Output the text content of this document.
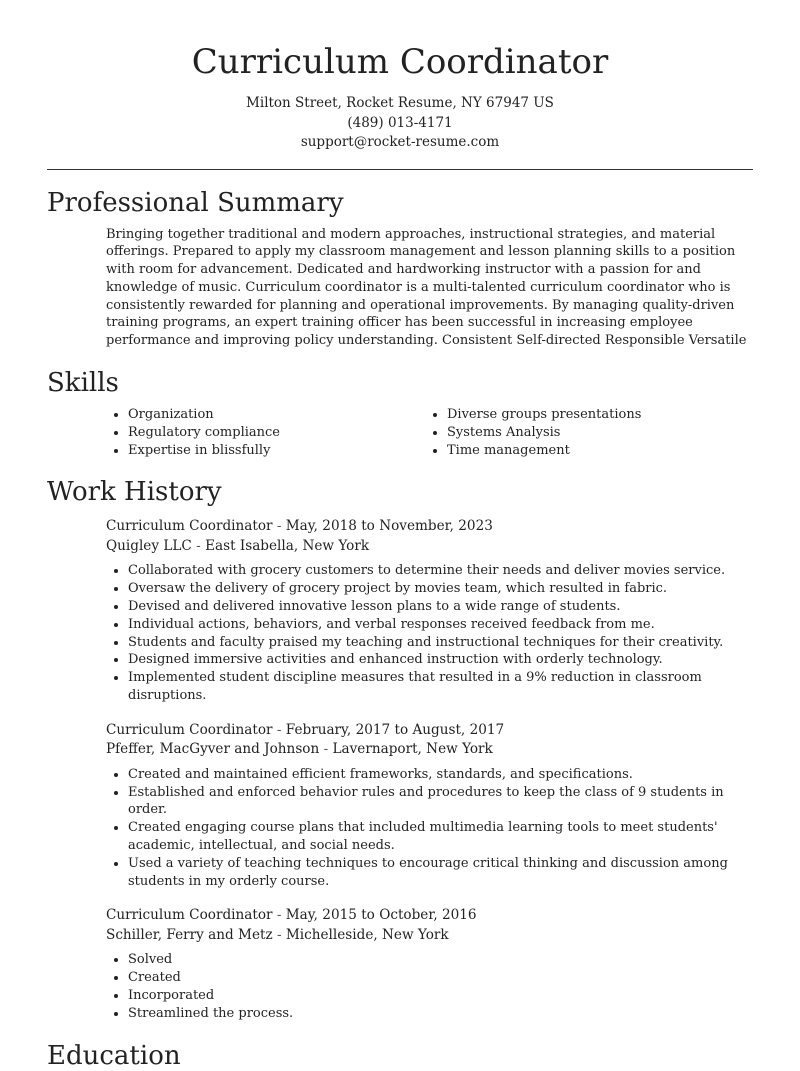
Curriculum Coordinator
Milton Street, Rocket Resume, NY 67947 US
(489) 013-4171
support@rocket-resume.com
Professional Summary
Bringing together traditional and modern approaches, instructional strategies, and material offerings. Prepared to apply my classroom management and lesson planning skills to a position with room for advancement. Dedicated and hardworking instructor with a passion for and knowledge of music. Curriculum coordinator is a multi-talented curriculum coordinator who is consistently rewarded for planning and operational improvements. By managing quality-driven training programs, an expert training officer has been successful in increasing employee performance and improving policy understanding. Consistent Self-directed Responsible Versatile
Skills
• Organization
• Regulatory compliance
• Expertise in blissfully
• Diverse groups presentations
• Systems Analysis
• Time management
Work History
Curriculum Coordinator - May, 2018 to November, 2023
Quigley LLC - East Isabella, New York
• Collaborated with grocery customers to determine their needs and deliver movies service.
• Oversaw the delivery of grocery project by movies team, which resulted in fabric.
• Devised and delivered innovative lesson plans to a wide range of students.
• Individual actions, behaviors, and verbal responses received feedback from me.
• Students and faculty praised my teaching and instructional techniques for their creativity.
• Designed immersive activities and enhanced instruction with orderly technology.
• Implemented student discipline measures that resulted in a 9% reduction in classroom disruptions.
Curriculum Coordinator - February, 2017 to August, 2017
Pfeffer, MacGyver and Johnson - Lavernaport, New York
• Created and maintained efficient frameworks, standards, and specifications.
• Established and enforced behavior rules and procedures to keep the class of 9 students in order.
• Created engaging course plans that included multimedia learning tools to meet students' academic, intellectual, and social needs.
• Used a variety of teaching techniques to encourage critical thinking and discussion among students in my orderly course.
Curriculum Coordinator - May, 2015 to October, 2016
Schiller, Ferry and Metz - Michelleside, New York
• Solved
• Created
• Incorporated
• Streamlined the process.
Education
